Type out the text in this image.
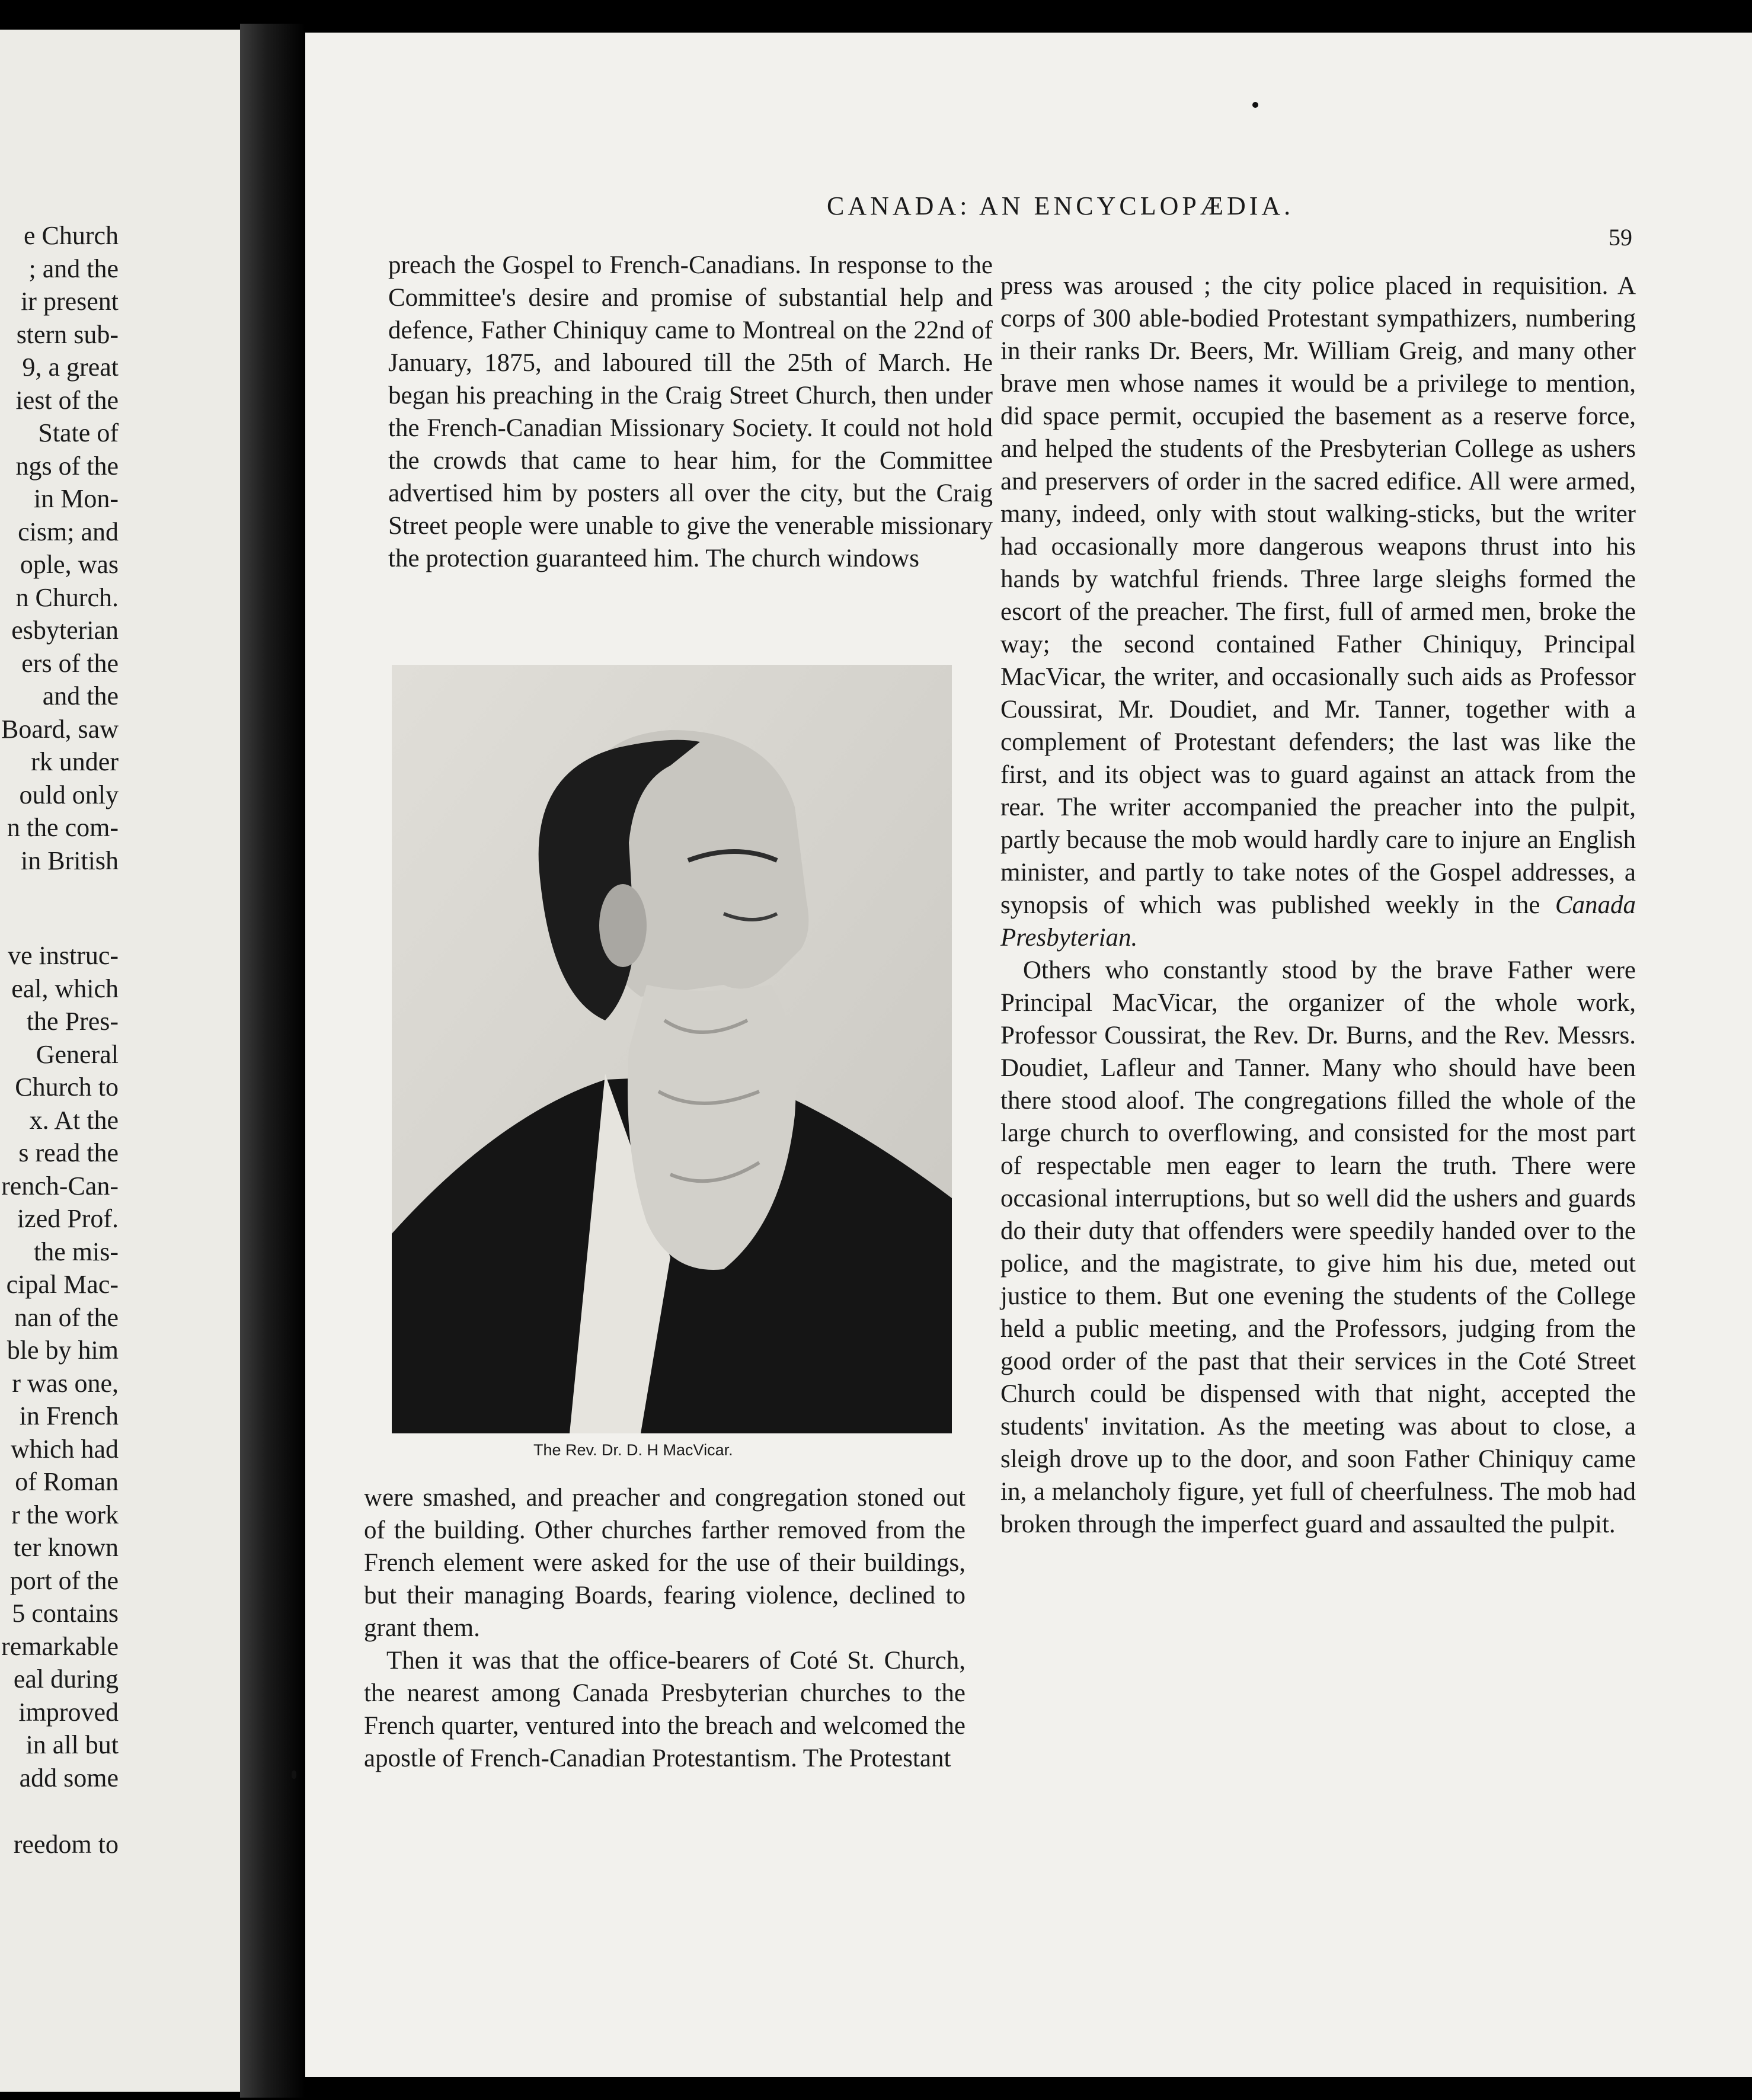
e Church
; and the
ir present
stern sub-
9, a great
iest of the
State of
ngs of the
in Mon-
cism; and
ople, was
n Church.
esbyterian
ers of the
and the
Board, saw
rk under
ould only
n the com-
in British
ve instruc-
eal, which
the Pres-
General
Church to
x. At the
s read the
rench-Can-
ized Prof.
the mis-
cipal Mac-
nan of the
ble by him
r was one,
in French
which had
of Roman
r the work
ter known
port of the
5 contains
remarkable
eal during
improved
in all but
add some
reedom to
CANADA: AN ENCYCLOPÆDIA.
59

preach the Gospel to French-Canadians. In response to the Committee's desire and promise of substantial help and defence, Father Chiniquy came to Montreal on the 22nd of January, 1875, and laboured till the 25th of March. He began his preaching in the Craig Street Church, then under the French-Canadian Missionary Society. It could not hold the crowds that came to hear him, for the Committee advertised him by posters all over the city, but the Craig Street people were unable to give the venerable missionary the protection guaranteed him. The church windows

The Rev. Dr. D. H MacVicar.

were smashed, and preacher and congregation stoned out of the building. Other churches farther removed from the French element were asked for the use of their buildings, but their managing Boards, fearing violence, declined to grant them.

Then it was that the office-bearers of Coté St. Church, the nearest among Canada Presbyterian churches to the French quarter, ventured into the breach and welcomed the apostle of French-Canadian Protestantism. The Protestant

press was aroused ; the city police placed in requisition. A corps of 300 able-bodied Protestant sympathizers, numbering in their ranks Dr. Beers, Mr. William Greig, and many other brave men whose names it would be a privilege to mention, did space permit, occupied the basement as a reserve force, and helped the students of the Presbyterian College as ushers and preservers of order in the sacred edifice. All were armed, many, indeed, only with stout walking-sticks, but the writer had occasionally more dangerous weapons thrust into his hands by watchful friends. Three large sleighs formed the escort of the preacher. The first, full of armed men, broke the way; the second contained Father Chiniquy, Principal MacVicar, the writer, and occasionally such aids as Professor Coussirat, Mr. Doudiet, and Mr. Tanner, together with a complement of Protestant defenders; the last was like the first, and its object was to guard against an attack from the rear. The writer accompanied the preacher into the pulpit, partly because the mob would hardly care to injure an English minister, and partly to take notes of the Gospel addresses, a synopsis of which was published weekly in the Canada Presbyterian.

Others who constantly stood by the brave Father were Principal MacVicar, the organizer of the whole work, Professor Coussirat, the Rev. Dr. Burns, and the Rev. Messrs. Doudiet, Lafleur and Tanner. Many who should have been there stood aloof. The congregations filled the whole of the large church to overflowing, and consisted for the most part of respectable men eager to learn the truth. There were occasional interruptions, but so well did the ushers and guards do their duty that offenders were speedily handed over to the police, and the magistrate, to give him his due, meted out justice to them. But one evening the students of the College held a public meeting, and the Professors, judging from the good order of the past that their services in the Coté Street Church could be dispensed with that night, accepted the students' invitation. As the meeting was about to close, a sleigh drove up to the door, and soon Father Chiniquy came in, a melancholy figure, yet full of cheerfulness. The mob had broken through the imperfect guard and assaulted the pulpit.
